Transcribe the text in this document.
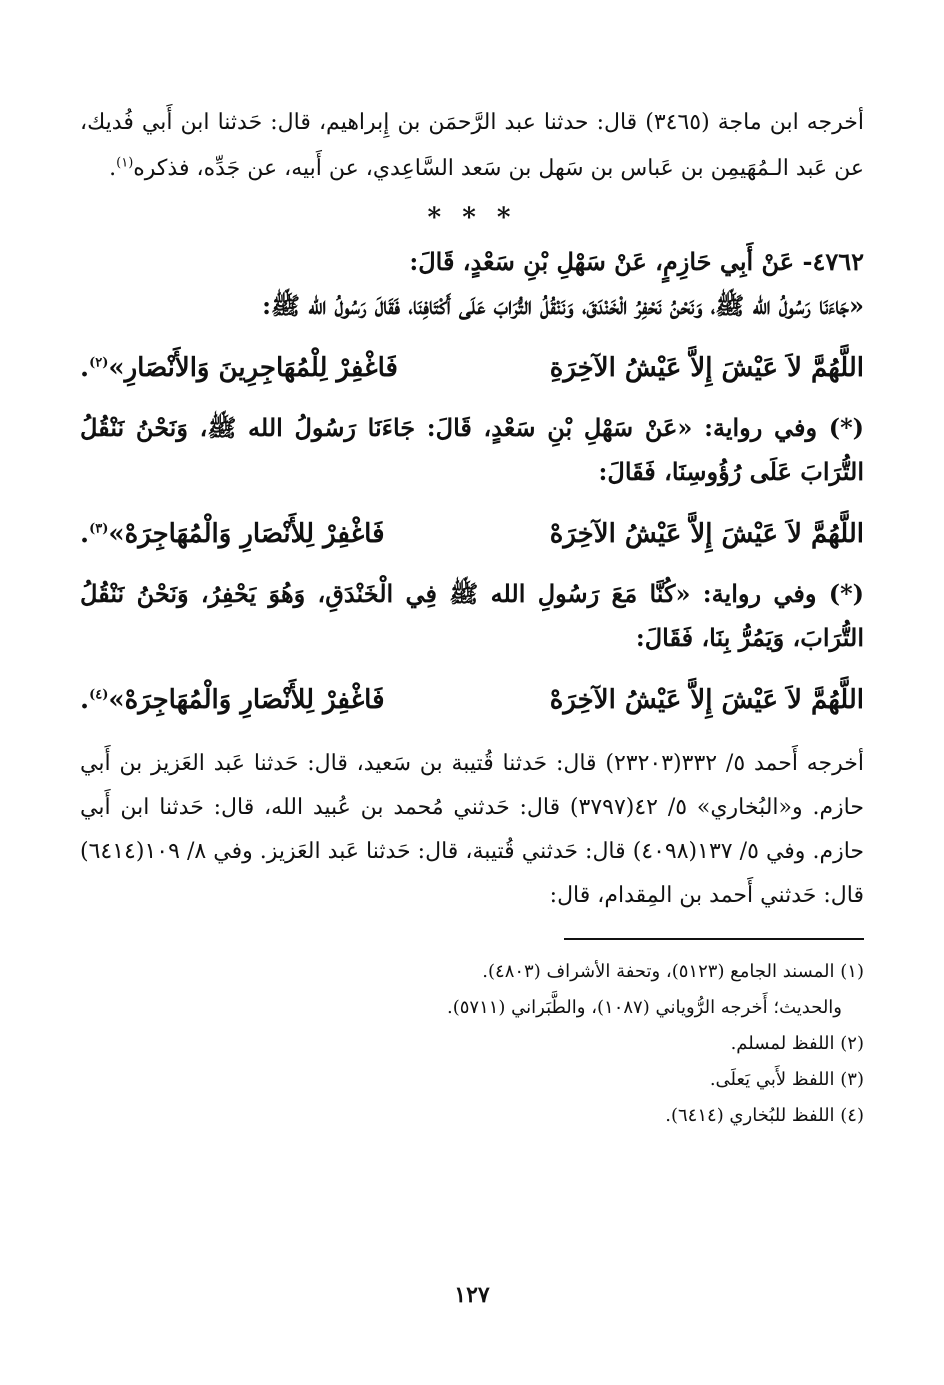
أخرجه ابن ماجة (٣٤٦٥) قال: حدثنا عبد الرَّحمَن بن إِبراهيم، قال: حَدثنا ابن أَبي فُديك، عن عَبد الـمُهَيمِن بن عَباس بن سَهل بن سَعد السَّاعِدي، عن أَبيه، عن جَدِّه، فذكره$^{(١)}$.

* * *

٤٧٦٢- عَنْ أَبِي حَازِمٍ، عَنْ سَهْلِ بْنِ سَعْدٍ، قَالَ:

«جَاءَنَا رَسُولُ الله ﷺ، وَنَحْنُ نَحْفِرُ الْخَنْدَقَ، وَنَنْقُلُ التُّرَابَ عَلَى أَكْتَافِنَا، فَقَالَ رَسُولُ الله ﷺ:

اللَّهُمَّ لاَ عَيْشَ إِلاَّ عَيْشُ الآخِرَةِ
فَاغْفِرْ لِلْمُهَاجِرِينَ وَالأَنْصَارِ»$^{(٢)}$.

(*) وفي رواية: «عَنْ سَهْلِ بْنِ سَعْدٍ، قَالَ: جَاءَنَا رَسُولُ الله ﷺ، وَنَحْنُ نَنْقُلُ التُّرَابَ عَلَى رُؤُوسِنَا، فَقَالَ:

اللَّهُمَّ لاَ عَيْشَ إِلاَّ عَيْشُ الآخِرَهْ
فَاغْفِرْ لِلأَنْصَارِ وَالْمُهَاجِرَهْ»$^{(٣)}$.

(*) وفي رواية: «كُنَّا مَعَ رَسُولِ الله ﷺ فِي الْخَنْدَقِ، وَهُوَ يَحْفِرُ، وَنَحْنُ نَنْقُلُ التُّرَابَ، وَيَمُرُّ بِنَا، فَقَالَ:

اللَّهُمَّ لاَ عَيْشَ إِلاَّ عَيْشُ الآخِرَهْ
فَاغْفِرْ لِلأَنْصَارِ وَالْمُهَاجِرَهْ»$^{(٤)}$.

أخرجه أَحمد ٥/ ٣٣٢(٢٣٢٠٣) قال: حَدثنا قُتيبة بن سَعيد، قال: حَدثنا عَبد العَزيز بن أَبي حازم. و«البُخاري» ٥/ ٤٢(٣٧٩٧) قال: حَدثني مُحمد بن عُبيد الله، قال: حَدثنا ابن أَبي حازم. وفي ٥/ ١٣٧(٤٠٩٨) قال: حَدثني قُتيبة، قال: حَدثنا عَبد العَزيز. وفي ٨/ ١٠٩(٦٤١٤) قال: حَدثني أَحمد بن المِقدام، قال:

(١) المسند الجامع (٥١٢٣)، وتحفة الأشراف (٤٨٠٣).

والحديث؛ أَخرجه الرُّوياني (١٠٨٧)، والطَّبَراني (٥٧١١).

(٢) اللفظ لمسلم.

(٣) اللفظ لأَبي يَعلَى.

(٤) اللفظ للبُخاري (٦٤١٤).

١٢٧
